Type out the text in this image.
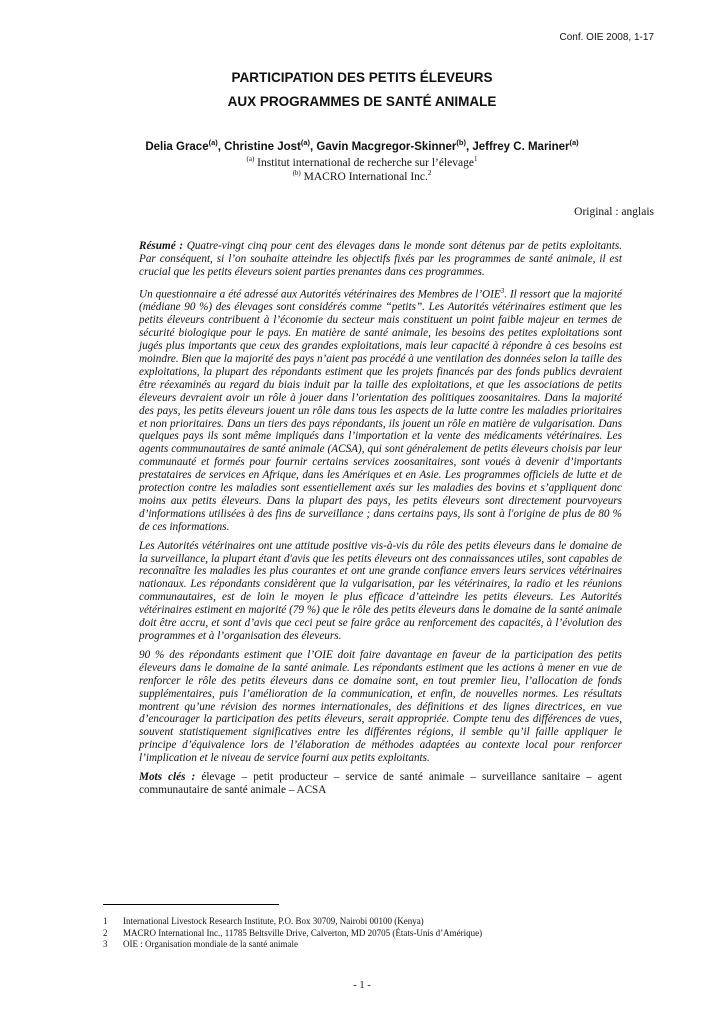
Conf. OIE 2008, 1-17
PARTICIPATION DES PETITS ÉLEVEURS
AUX PROGRAMMES DE SANTÉ ANIMALE
Delia Grace$^{(a)}$, Christine Jost$^{(a)}$, Gavin Macgregor-Skinner$^{(b)}$, Jeffrey C. Mariner$^{(a)}$
$^{(a)}$ Institut international de recherche sur l’élevage$^1$
$^{(b)}$ MACRO International Inc.$^2$
Original : anglais

Résumé : Quatre-vingt cinq pour cent des élevages dans le monde sont détenus par de petits exploitants. Par conséquent, si l’on souhaite atteindre les objectifs fixés par les programmes de santé animale, il est crucial que les petits éleveurs soient parties prenantes dans ces programmes.

Un questionnaire a été adressé aux Autorités vétérinaires des Membres de l’OIE$^3$. Il ressort que la majorité (médiane 90 %) des élevages sont considérés comme “petits”. Les Autorités vétérinaires estiment que les petits éleveurs contribuent à l’économie du secteur mais constituent un point faible majeur en termes de sécurité biologique pour le pays. En matière de santé animale, les besoins des petites exploitations sont jugés plus importants que ceux des grandes exploitations, mais leur capacité à répondre à ces besoins est moindre. Bien que la majorité des pays n’aient pas procédé à une ventilation des données selon la taille des exploitations, la plupart des répondants estiment que les projets financés par des fonds publics devraient être réexaminés au regard du biais induit par la taille des exploitations, et que les associations de petits éleveurs devraient avoir un rôle à jouer dans l’orientation des politiques zoosanitaires. Dans la majorité des pays, les petits éleveurs jouent un rôle dans tous les aspects de la lutte contre les maladies prioritaires et non prioritaires. Dans un tiers des pays répondants, ils jouent un rôle en matière de vulgarisation. Dans quelques pays ils sont même impliqués dans l’importation et la vente des médicaments vétérinaires. Les agents communautaires de santé animale (ACSA), qui sont généralement de petits éleveurs choisis par leur communauté et formés pour fournir certains services zoosanitaires, sont voués à devenir d’importants prestataires de services en Afrique, dans les Amériques et en Asie. Les programmes officiels de lutte et de protection contre les maladies sont essentiellement axés sur les maladies des bovins et s’appliquent donc moins aux petits éleveurs. Dans la plupart des pays, les petits éleveurs sont directement pourvoyeurs d’informations utilisées à des fins de surveillance ; dans certains pays, ils sont à l'origine de plus de 80 % de ces informations.

Les Autorités vétérinaires ont une attitude positive vis-à-vis du rôle des petits éleveurs dans le domaine de la surveillance, la plupart étant d'avis que les petits éleveurs ont des connaissances utiles, sont capables de reconnaître les maladies les plus courantes et ont une grande confiance envers leurs services vétérinaires nationaux. Les répondants considèrent que la vulgarisation, par les vétérinaires, la radio et les réunions communautaires, est de loin le moyen le plus efficace d’atteindre les petits éleveurs. Les Autorités vétérinaires estiment en majorité (79 %) que le rôle des petits éleveurs dans le domaine de la santé animale doit être accru, et sont d’avis que ceci peut se faire grâce au renforcement des capacités, à l’évolution des programmes et à l’organisation des éleveurs.

90 % des répondants estiment que l’OIE doit faire davantage en faveur de la participation des petits éleveurs dans le domaine de la santé animale. Les répondants estiment que les actions à mener en vue de renforcer le rôle des petits éleveurs dans ce domaine sont, en tout premier lieu, l’allocation de fonds supplémentaires, puis l’amélioration de la communication, et enfin, de nouvelles normes. Les résultats montrent qu’une révision des normes internationales, des définitions et des lignes directrices, en vue d’encourager la participation des petits éleveurs, serait appropriée. Compte tenu des différences de vues, souvent statistiquement significatives entre les différentes régions, il semble qu’il faille appliquer le principe d’équivalence lors de l’élaboration de méthodes adaptées au contexte local pour renforcer l’implication et le niveau de service fourni aux petits exploitants.

Mots clés : élevage – petit producteur – service de santé animale – surveillance sanitaire – agent communautaire de santé animale – ACSA

1	International Livestock Research Institute, P.O. Box 30709, Nairobi 00100 (Kenya)
2	MACRO International Inc., 11785 Beltsville Drive, Calverton, MD 20705 (États-Unis d’Amérique)
3	OIE : Organisation mondiale de la santé animale
- 1 -
